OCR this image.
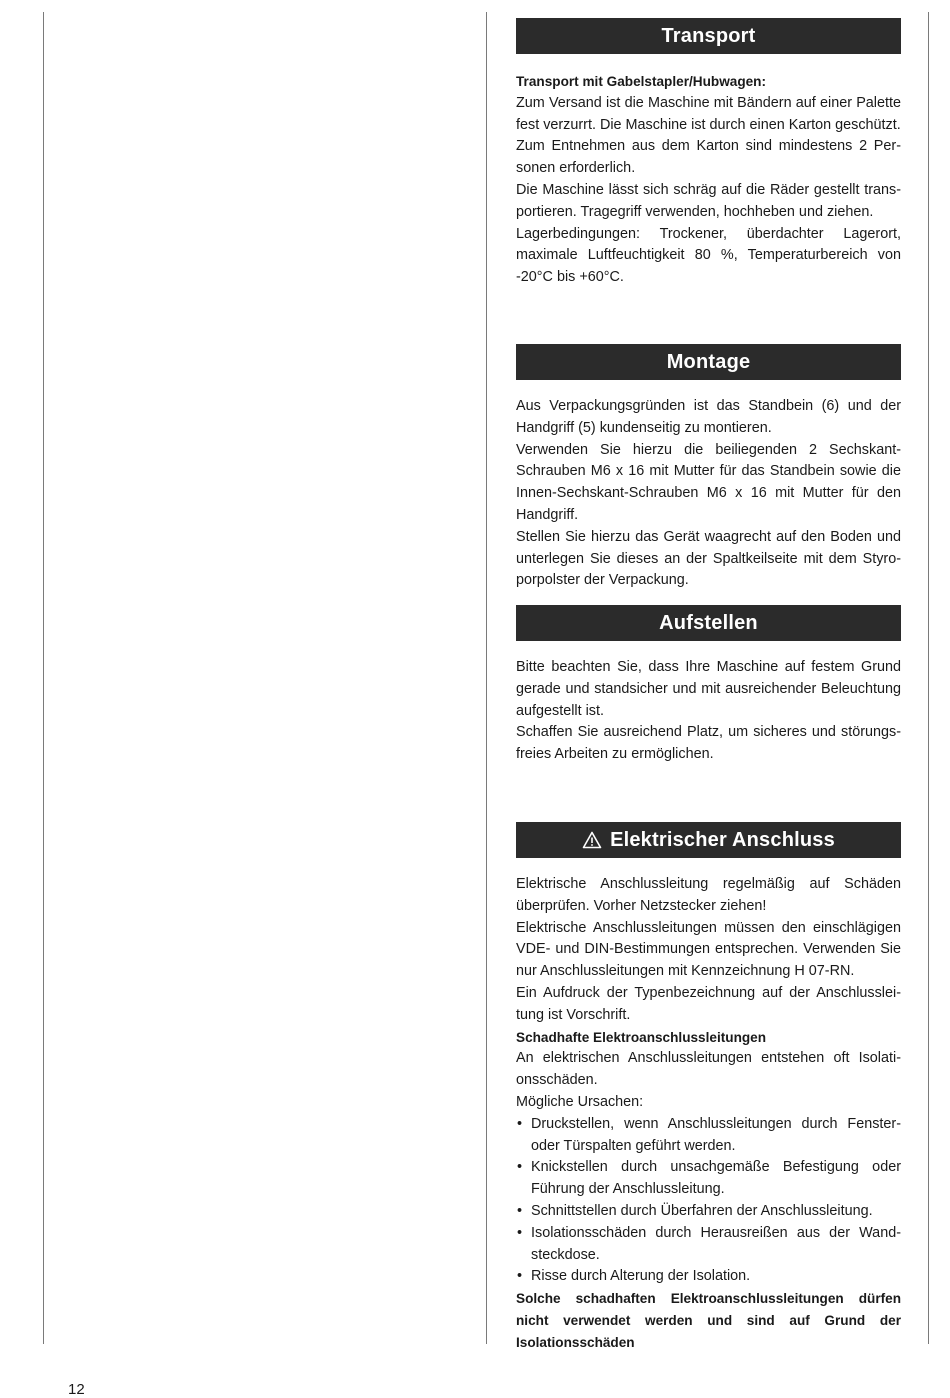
Transport

Transport mit Gabelstapler/Hubwagen:

Zum Versand ist die Maschine mit Bändern auf einer Palette fest verzurrt. Die Maschine ist durch einen Karton geschützt.

Zum Entnehmen aus dem Karton sind mindestens 2 Personen erforderlich.

Die Maschine lässt sich schräg auf die Räder gestellt transportieren. Tragegriff verwenden, hochheben und ziehen.

Lagerbedingungen: Trockener, überdachter Lagerort, maximale Luftfeuchtigkeit 80 %, Temperaturbereich von -20°C bis +60°C.

Montage

Aus Verpackungsgründen ist das Standbein (6) und der Handgriff (5) kundenseitig zu montieren.

Verwenden Sie hierzu die beiliegenden 2 Sechskant-Schrauben M6 x 16 mit Mutter für das Standbein sowie die Innen-Sechskant-Schrauben M6 x 16 mit Mutter für den Handgriff.

Stellen Sie hierzu das Gerät waagrecht auf den Boden und unterlegen Sie dieses an der Spaltkeilseite mit dem Styroporpolster der Verpackung.

Aufstellen

Bitte beachten Sie, dass Ihre Maschine auf festem Grund gerade und standsicher und mit ausreichender Beleuchtung aufgestellt ist.

Schaffen Sie ausreichend Platz, um sicheres und störungsfreies Arbeiten zu ermöglichen.

Elektrischer Anschluss

Elektrische Anschlussleitung regelmäßig auf Schäden überprüfen. Vorher Netzstecker ziehen!

Elektrische Anschlussleitungen müssen den einschlägigen VDE- und DIN-Bestimmungen entsprechen. Verwenden Sie nur Anschlussleitungen mit Kennzeichnung H 07-RN.

Ein Aufdruck der Typenbezeichnung auf der Anschlussleitung ist Vorschrift.

Schadhafte Elektroanschlussleitungen

An elektrischen Anschlussleitungen entstehen oft Isolationsschäden.

Mögliche Ursachen:

• Druckstellen, wenn Anschlussleitungen durch Fensteroder Türspalten geführt werden.
• Knickstellen durch unsachgemäße Befestigung oder Führung der Anschlussleitung.
• Schnittstellen durch Überfahren der Anschlussleitung.
• Isolationsschäden durch Herausreißen aus der Wandsteckdose.
• Risse durch Alterung der Isolation.

Solche schadhaften Elektroanschlussleitungen dürfen nicht verwendet werden und sind auf Grund der Isolationsschäden

12
